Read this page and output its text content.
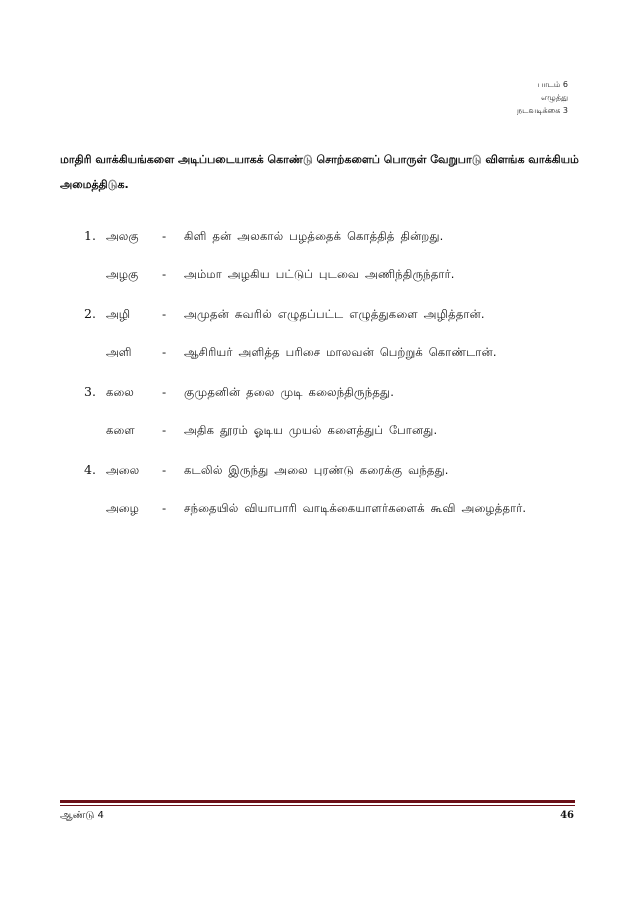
பாடம் 6
எழுத்து
நடவடிக்கை 3
மாதிரி வாக்கியங்களை அடிப்படையாகக் கொண்டு சொற்களைப் பொருள் வேறுபாடு விளங்க வாக்கியம் அமைத்திடுக.
1. அலகு	-	கிளி தன் அலகால் பழத்தைக் கொத்தித் தின்றது.
அழகு	-	அம்மா அழகிய பட்டுப் புடவை அணிந்திருந்தார்.
2. அழி	-	அமுதன் சுவரில் எழுதப்பட்ட எழுத்துகளை அழித்தான்.
அளி	-	ஆசிரியர் அளித்த பரிசை மாலவன் பெற்றுக் கொண்டான்.
3. கலை	-	குமுதனின் தலை முடி கலைந்திருந்தது.
களை	-	அதிக தூரம் ஓடிய முயல் களைத்துப் போனது.
4. அலை	-	கடலில் இருந்து அலை புரண்டு கரைக்கு வந்தது.
அழை	-	சந்தையில் வியாபாரி வாடிக்கையாளர்களைக் கூவி அழைத்தார்.
ஆண்டு 4	46
